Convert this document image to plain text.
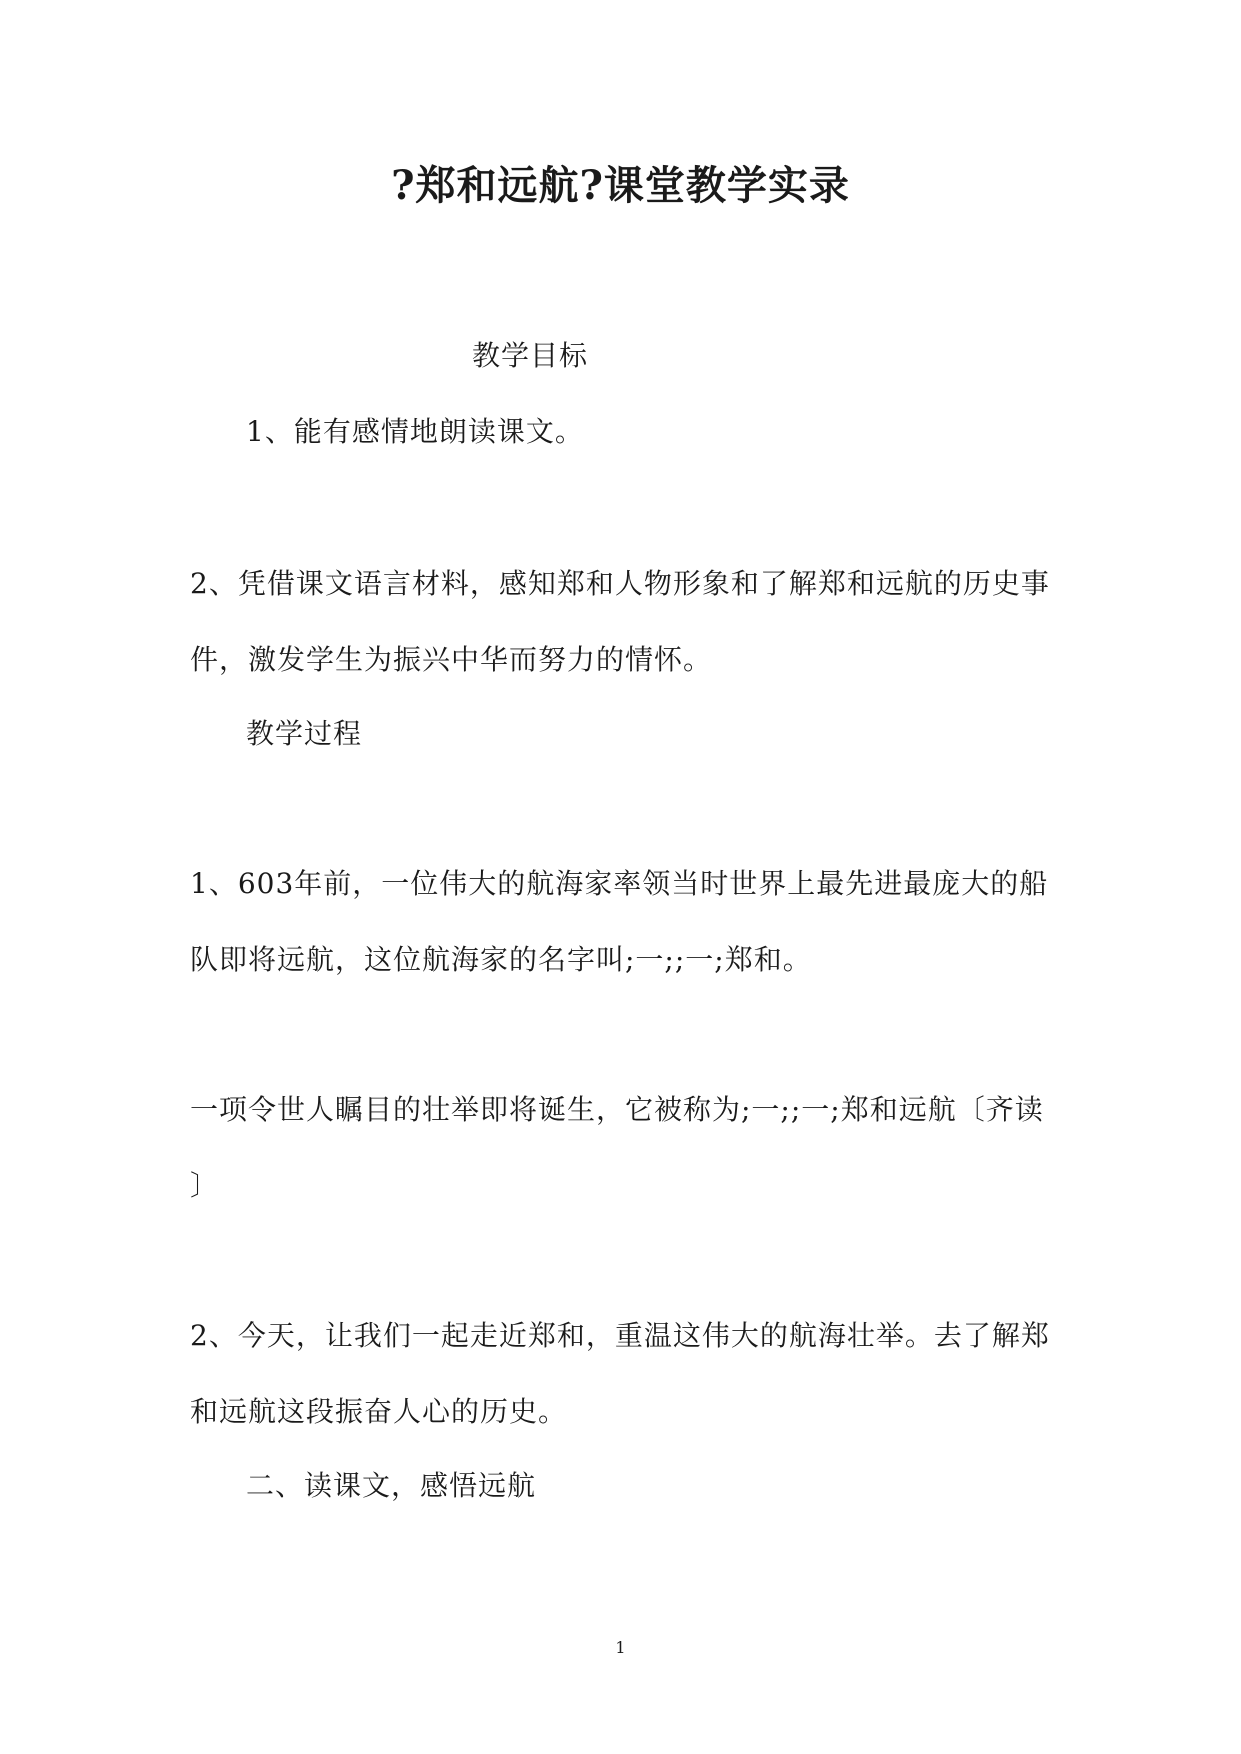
?郑和远航?课堂教学实录
教学目标
1、能有感情地朗读课文。
2、凭借课文语言材料，感知郑和人物形象和了解郑和远航的历史事
件，激发学生为振兴中华而努力的情怀。
教学过程
1、603年前，一位伟大的航海家率领当时世界上最先进最庞大的船
队即将远航，这位航海家的名字叫;一;;一;郑和。
一项令世人瞩目的壮举即将诞生，它被称为;一;;一;郑和远航〔齐读
〕
2、今天，让我们一起走近郑和，重温这伟大的航海壮举。去了解郑
和远航这段振奋人心的历史。
二、读课文，感悟远航
1
